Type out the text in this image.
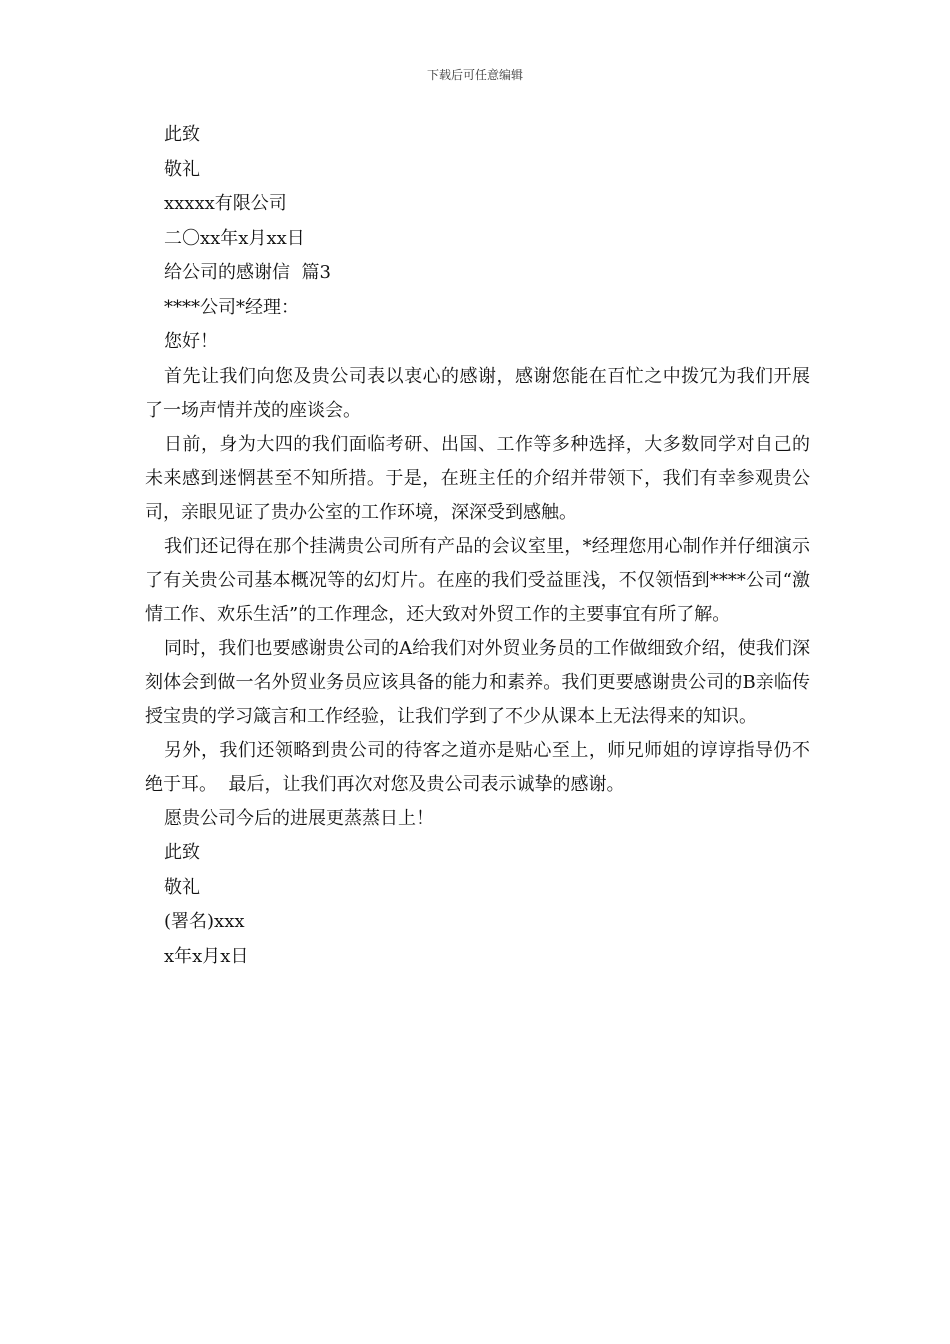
下载后可任意编辑
此致
敬礼
xxxxx有限公司
二〇xx年x月xx日
给公司的感谢信  篇3
****公司*经理：
您好！

首先让我们向您及贵公司表以衷心的感谢，感谢您能在百忙之中拨冗为我们开展了一场声情并茂的座谈会。

日前，身为大四的我们面临考研、出国、工作等多种选择，大多数同学对自己的未来感到迷惘甚至不知所措。于是，在班主任的介绍并带领下，我们有幸参观贵公司，亲眼见证了贵办公室的工作环境，深深受到感触。

我们还记得在那个挂满贵公司所有产品的会议室里，*经理您用心制作并仔细演示了有关贵公司基本概况等的幻灯片。在座的我们受益匪浅，不仅领悟到****公司“激情工作、欢乐生活”的工作理念，还大致对外贸工作的主要事宜有所了解。

同时，我们也要感谢贵公司的A给我们对外贸业务员的工作做细致介绍，使我们深刻体会到做一名外贸业务员应该具备的能力和素养。我们更要感谢贵公司的B亲临传授宝贵的学习箴言和工作经验，让我们学到了不少从课本上无法得来的知识。

另外，我们还领略到贵公司的待客之道亦是贴心至上，师兄师姐的谆谆指导仍不绝于耳。  最后，让我们再次对您及贵公司表示诚挚的感谢。

愿贵公司今后的进展更蒸蒸日上！
此致
敬礼
(署名)xxx
x年x月x日
